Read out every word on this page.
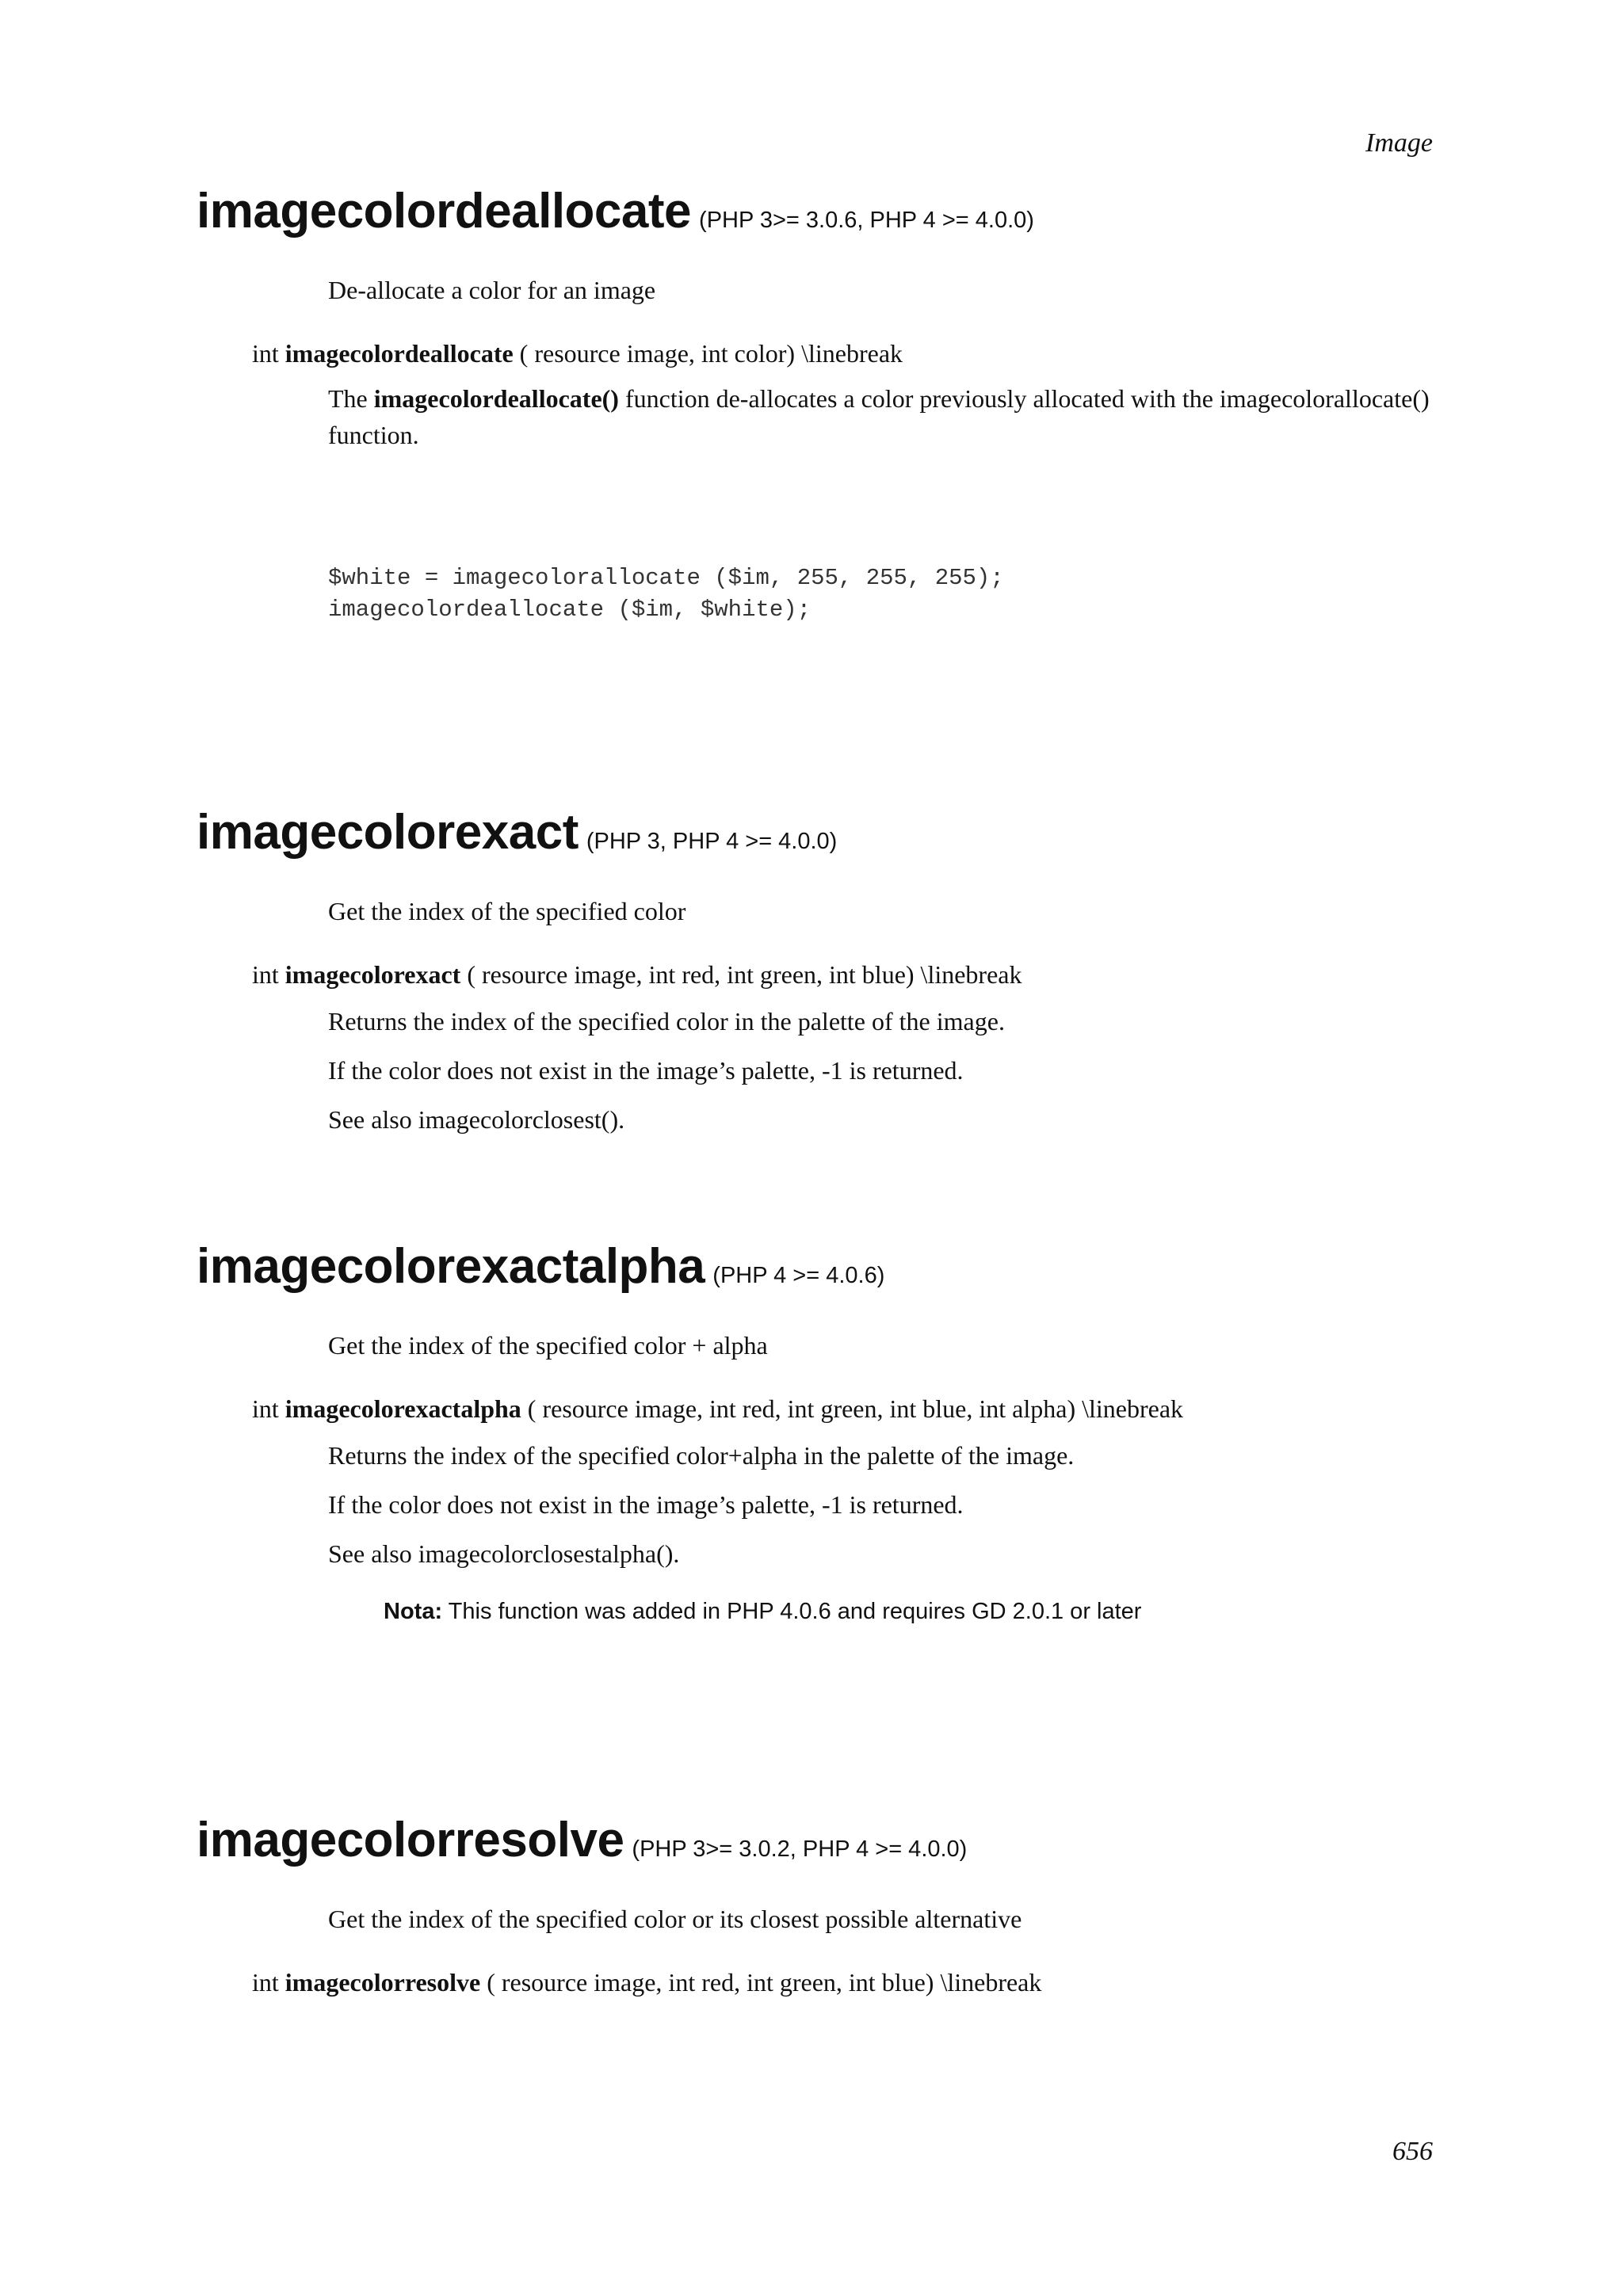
Image
imagecolordeallocate (PHP 3>= 3.0.6, PHP 4 >= 4.0.0)

De-allocate a color for an image

int imagecolordeallocate ( resource image, int color) \linebreak

The imagecolordeallocate() function de-allocates a color previously allocated with the imagecolorallocate() function.

$white = imagecolorallocate ($im, 255, 255, 255);
imagecolordeallocate ($im, $white);

imagecolorexact (PHP 3, PHP 4 >= 4.0.0)

Get the index of the specified color

int imagecolorexact ( resource image, int red, int green, int blue) \linebreak

Returns the index of the specified color in the palette of the image.

If the color does not exist in the image’s palette, -1 is returned.

See also imagecolorclosest().

imagecolorexactalpha (PHP 4 >= 4.0.6)

Get the index of the specified color + alpha

int imagecolorexactalpha ( resource image, int red, int green, int blue, int alpha) \linebreak

Returns the index of the specified color+alpha in the palette of the image.

If the color does not exist in the image’s palette, -1 is returned.

See also imagecolorclosestalpha().

Nota: This function was added in PHP 4.0.6 and requires GD 2.0.1 or later

imagecolorresolve (PHP 3>= 3.0.2, PHP 4 >= 4.0.0)

Get the index of the specified color or its closest possible alternative

int imagecolorresolve ( resource image, int red, int green, int blue) \linebreak

656
